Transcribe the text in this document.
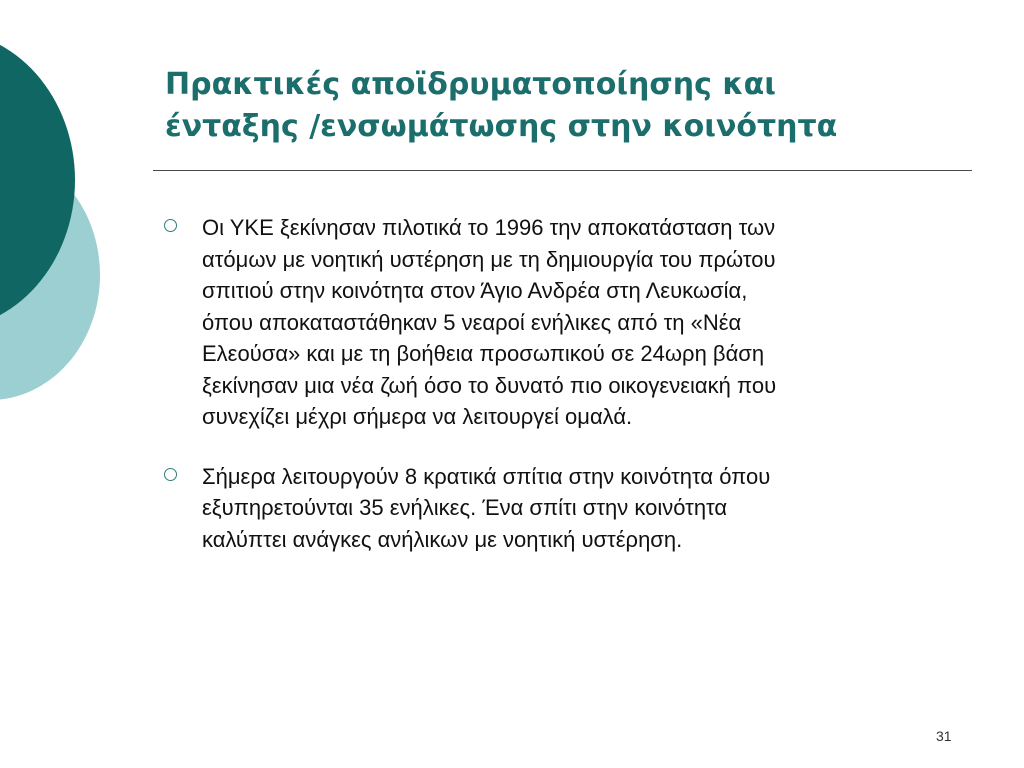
Πρακτικές αποϊδρυματοποίησης και
ένταξης /ενσωμάτωσης στην κοινότητα
Οι ΥΚΕ ξεκίνησαν πιλοτικά το 1996 την αποκατάσταση των
ατόμων με νοητική υστέρηση με τη δημιουργία του πρώτου
σπιτιού στην κοινότητα στον Άγιο Ανδρέα στη Λευκωσία,
όπου αποκαταστάθηκαν 5 νεαροί ενήλικες από τη «Νέα
Ελεούσα» και με τη βοήθεια προσωπικού σε 24ωρη βάση
ξεκίνησαν μια νέα ζωή όσο το δυνατό πιο οικογενειακή που
συνεχίζει μέχρι σήμερα να λειτουργεί ομαλά.
Σήμερα λειτουργούν 8 κρατικά σπίτια στην κοινότητα όπου
εξυπηρετούνται 35 ενήλικες. Ένα σπίτι στην κοινότητα
καλύπτει ανάγκες ανήλικων με νοητική υστέρηση.
31
